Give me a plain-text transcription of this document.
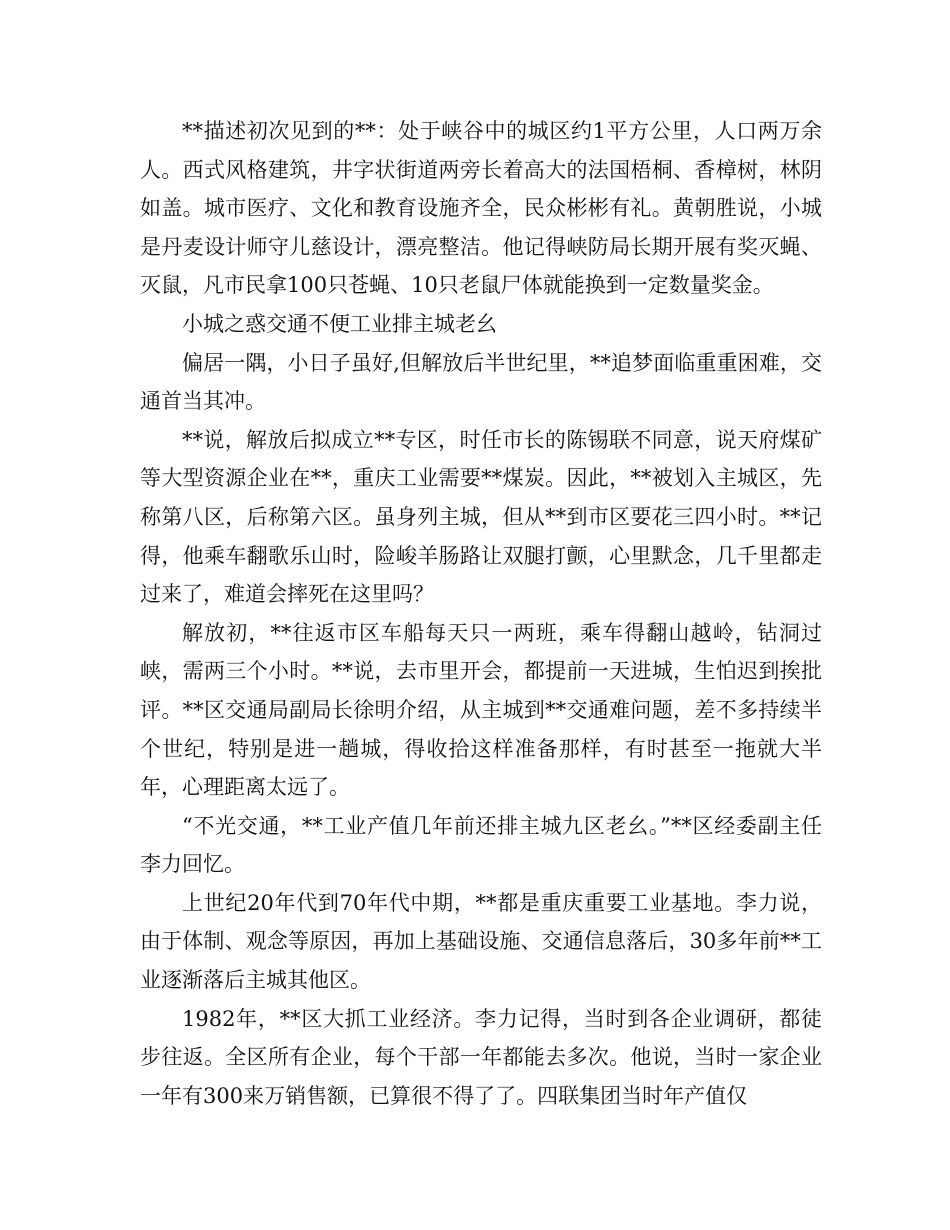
**描述初次见到的**：处于峡谷中的城区约1平方公里，人口两万余人。西式风格建筑，井字状街道两旁长着高大的法国梧桐、香樟树，林阴如盖。城市医疗、文化和教育设施齐全，民众彬彬有礼。黄朝胜说，小城是丹麦设计师守儿慈设计，漂亮整洁。他记得峡防局长期开展有奖灭蝇、灭鼠，凡市民拿100只苍蝇、10只老鼠尸体就能换到一定数量奖金。

小城之惑交通不便工业排主城老幺

偏居一隅，小日子虽好,但解放后半世纪里，**追梦面临重重困难，交通首当其冲。

**说，解放后拟成立**专区，时任市长的陈锡联不同意，说天府煤矿等大型资源企业在**，重庆工业需要**煤炭。因此，**被划入主城区，先称第八区，后称第六区。虽身列主城，但从**到市区要花三四小时。**记得，他乘车翻歌乐山时，险峻羊肠路让双腿打颤，心里默念，几千里都走过来了，难道会摔死在这里吗？

解放初，**往返市区车船每天只一两班，乘车得翻山越岭，钻洞过峡，需两三个小时。**说，去市里开会，都提前一天进城，生怕迟到挨批评。**区交通局副局长徐明介绍，从主城到**交通难问题，差不多持续半个世纪，特别是进一趟城，得收拾这样准备那样，有时甚至一拖就大半年，心理距离太远了。

“不光交通，**工业产值几年前还排主城九区老幺。”**区经委副主任李力回忆。

上世纪20年代到70年代中期，**都是重庆重要工业基地。李力说，由于体制、观念等原因，再加上基础设施、交通信息落后，30多年前**工业逐渐落后主城其他区。

1982年，**区大抓工业经济。李力记得，当时到各企业调研，都徒步往返。全区所有企业，每个干部一年都能去多次。他说，当时一家企业一年有300来万销售额，已算很不得了了。四联集团当时年产值仅
